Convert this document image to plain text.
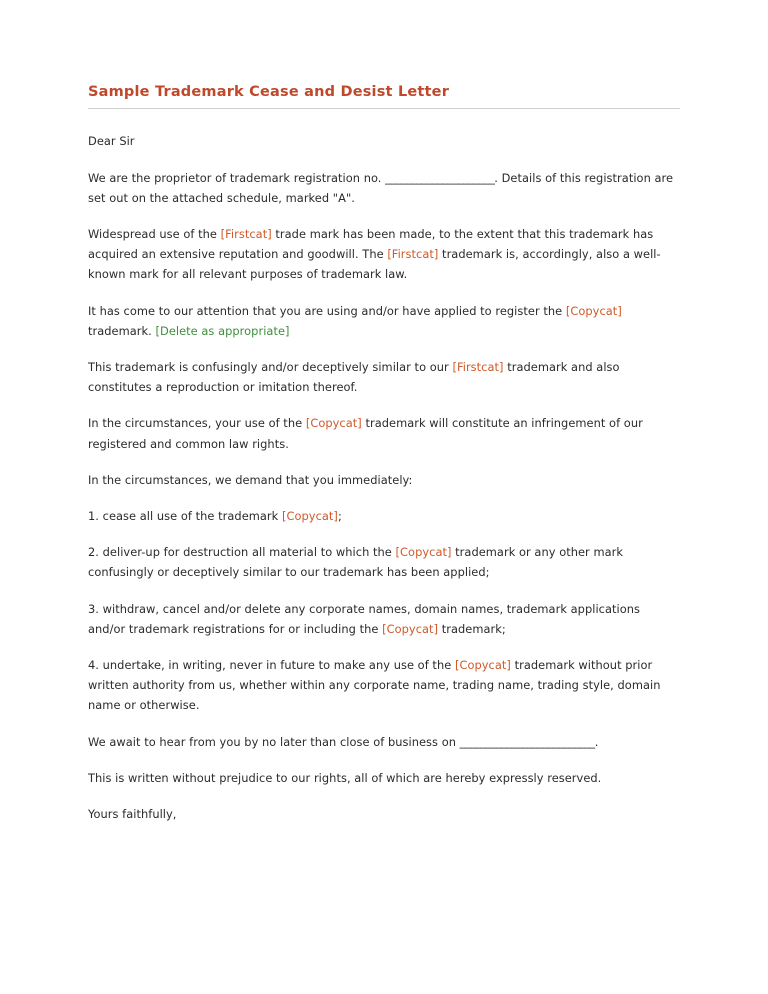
Sample Trademark Cease and Desist Letter

Dear Sir

We are the proprietor of trademark registration no. _____________________. Details of this registration are set out on the attached schedule, marked "A".

Widespread use of the [Firstcat] trade mark has been made, to the extent that this trademark has acquired an extensive reputation and goodwill. The [Firstcat] trademark is, accordingly, also a well-known mark for all relevant purposes of trademark law.

It has come to our attention that you are using and/or have applied to register the [Copycat] trademark. [Delete as appropriate]

This trademark is confusingly and/or deceptively similar to our [Firstcat] trademark and also constitutes a reproduction or imitation thereof.

In the circumstances, your use of the [Copycat] trademark will constitute an infringement of our registered and common law rights.

In the circumstances, we demand that you immediately:

1. cease all use of the trademark [Copycat];

2. deliver-up for destruction all material to which the [Copycat] trademark or any other mark confusingly or deceptively similar to our trademark has been applied;

3. withdraw, cancel and/or delete any corporate names, domain names, trademark applications and/or trademark registrations for or including the [Copycat] trademark;

4. undertake, in writing, never in future to make any use of the [Copycat] trademark without prior written authority from us, whether within any corporate name, trading name, trading style, domain name or otherwise.

We await to hear from you by no later than close of business on __________________________.

This is written without prejudice to our rights, all of which are hereby expressly reserved.

Yours faithfully,
